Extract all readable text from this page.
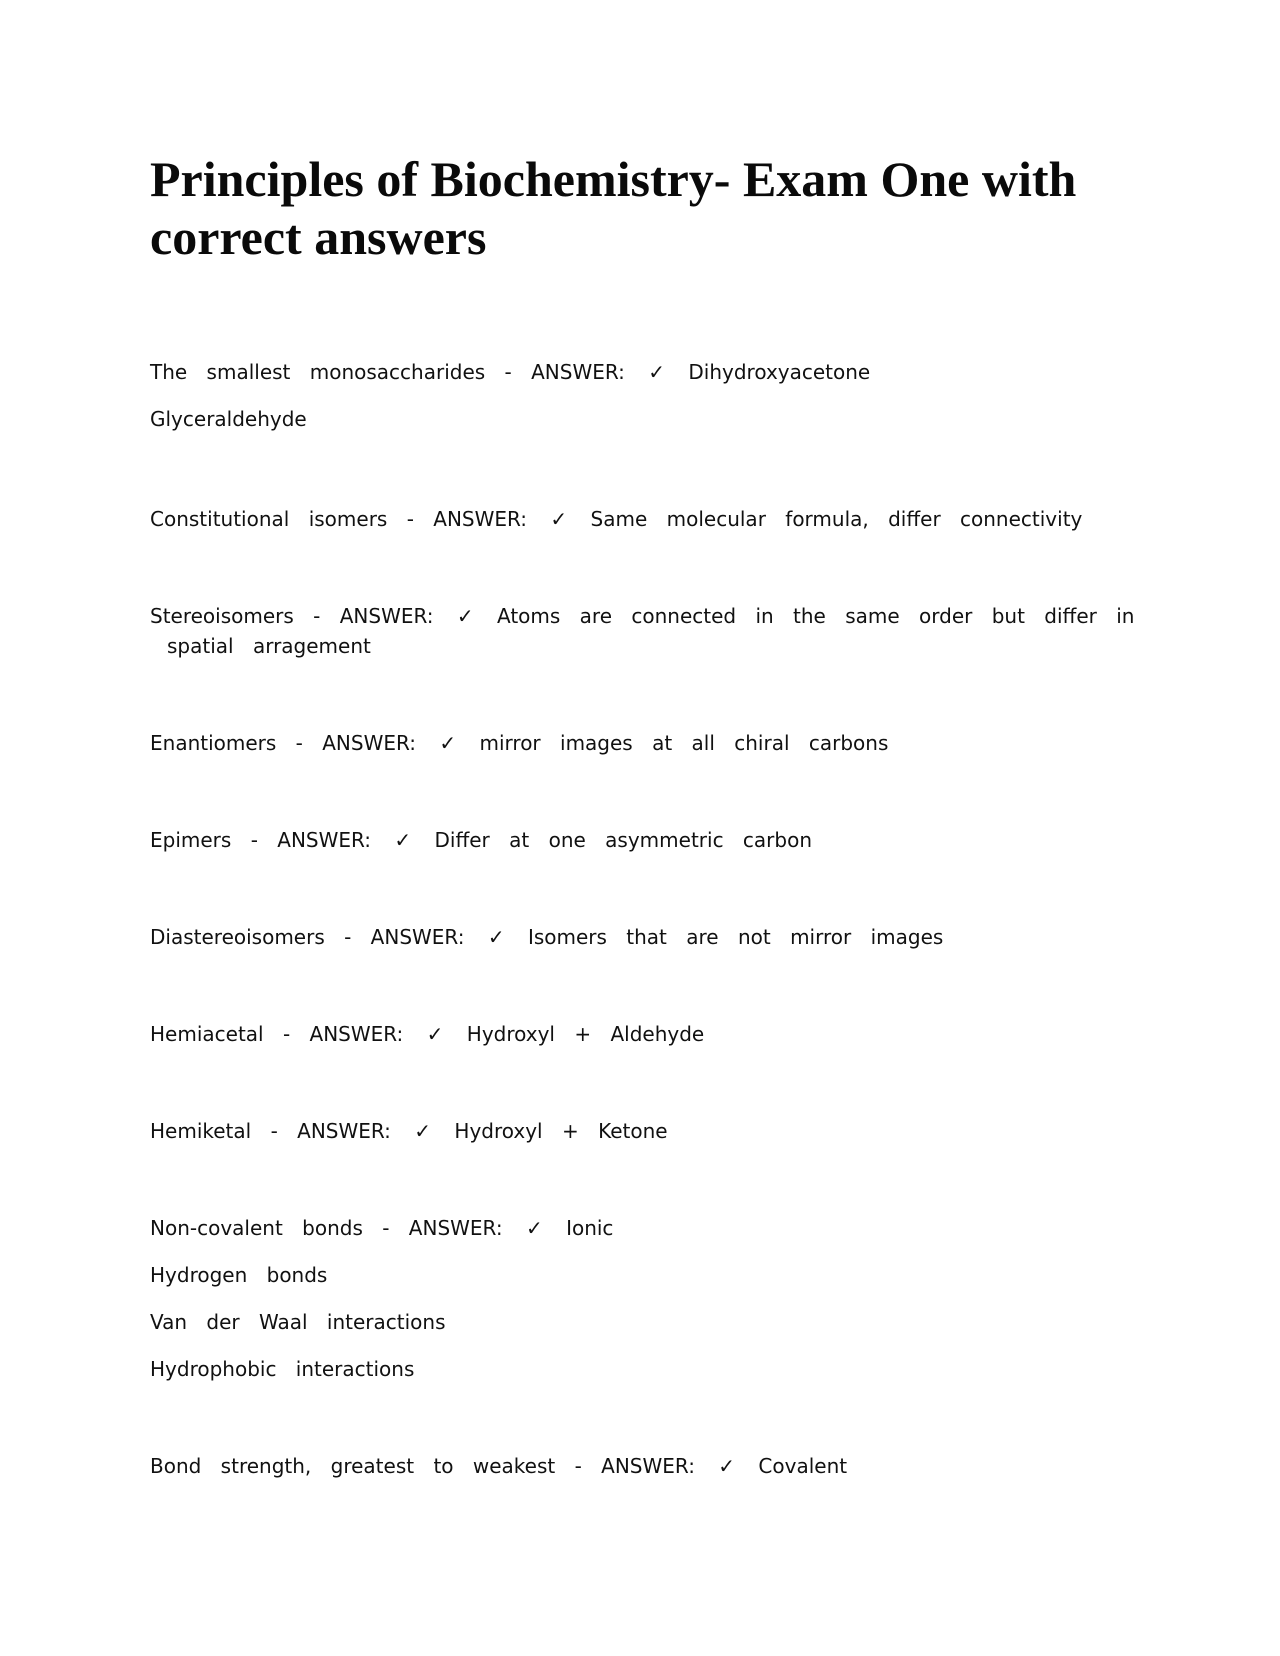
Principles of Biochemistry- Exam One with correct answers

The smallest monosaccharides - ANSWER: ✓ Dihydroxyacetone

Glyceraldehyde

Constitutional isomers - ANSWER: ✓ Same molecular formula, differ connectivity

Stereoisomers - ANSWER: ✓ Atoms are connected in the same order but differ in

spatial arragement

Enantiomers - ANSWER: ✓ mirror images at all chiral carbons

Epimers - ANSWER: ✓ Differ at one asymmetric carbon

Diastereoisomers - ANSWER: ✓ Isomers that are not mirror images

Hemiacetal - ANSWER: ✓ Hydroxyl + Aldehyde

Hemiketal - ANSWER: ✓ Hydroxyl + Ketone

Non-covalent bonds - ANSWER: ✓ Ionic

Hydrogen bonds

Van der Waal interactions

Hydrophobic interactions

Bond strength, greatest to weakest - ANSWER: ✓ Covalent
